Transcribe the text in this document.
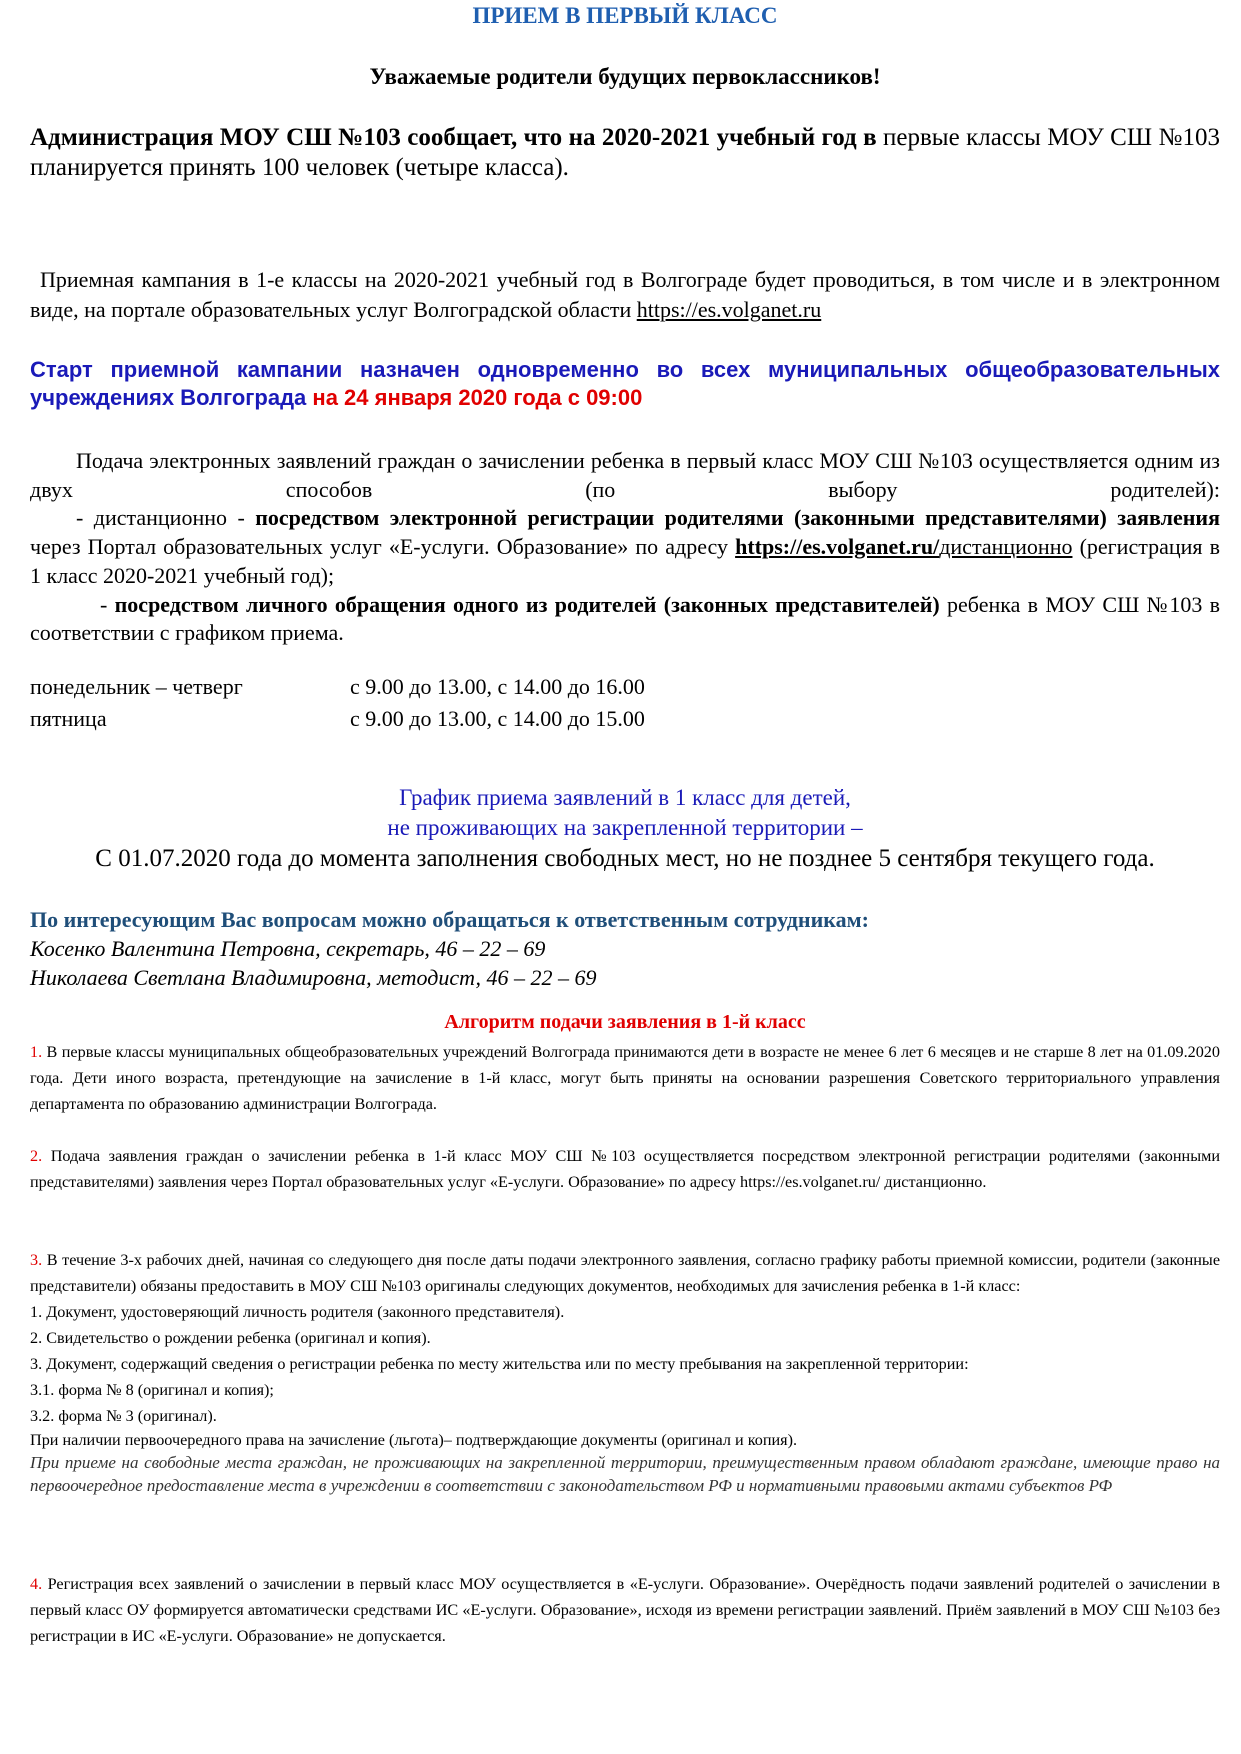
ПРИЕМ В ПЕРВЫЙ КЛАСС
Уважаемые родители будущих первоклассников!
Администрация МОУ СШ №103 сообщает, что на 2020-2021 учебный год в первые классы МОУ СШ №103 планируется принять 100 человек (четыре класса).
Приемная кампания в 1-е классы на 2020-2021 учебный год в Волгограде будет проводиться, в том числе и в электронном виде, на портале образовательных услуг Волгоградской области https://es.volganet.ru
Старт приемной кампании назначен одновременно во всех муниципальных общеобразовательных учреждениях Волгограда на 24 января 2020 года с 09:00
Подача электронных заявлений граждан о зачислении ребенка в первый класс МОУ СШ №103 осуществляется одним из двух способов (по выбору родителей):
- дистанционно - посредством электронной регистрации родителями (законными представителями) заявления через Портал образовательных услуг «Е-услуги. Образование» по адресу https://es.volganet.ru/дистанционно (регистрация в 1 класс 2020-2021 учебный год);
- посредством личного обращения одного из родителей (законных представителей) ребенка в МОУ СШ №103 в соответствии с графиком приема.
понедельник – четверг	с 9.00 до 13.00, с 14.00 до 16.00
пятница	с 9.00 до 13.00, с 14.00 до 15.00
График приема заявлений в 1 класс для детей,
не проживающих на закрепленной территории –
С 01.07.2020 года до момента заполнения свободных мест, но не позднее 5 сентября текущего года.
По интересующим Вас вопросам можно обращаться к ответственным сотрудникам:
Косенко Валентина Петровна, секретарь, 46 – 22 – 69
Николаева Светлана Владимировна, методист, 46 – 22 – 69
Алгоритм подачи заявления в 1-й класс
1. В первые классы муниципальных общеобразовательных учреждений Волгограда принимаются дети в возрасте не менее 6 лет 6 месяцев и не старше 8 лет на 01.09.2020 года. Дети иного возраста, претендующие на зачисление в 1-й класс, могут быть приняты на основании разрешения Советского территориального управления департамента по образованию администрации Волгограда.
2. Подача заявления граждан о зачислении ребенка в 1-й класс МОУ СШ №103 осуществляется посредством электронной регистрации родителями (законными представителями) заявления через Портал образовательных услуг «Е-услуги. Образование» по адресу https://es.volganet.ru/ дистанционно.
3. В течение 3-х рабочих дней, начиная со следующего дня после даты подачи электронного заявления, согласно графику работы приемной комиссии, родители (законные представители) обязаны предоставить в МОУ СШ №103 оригиналы следующих документов, необходимых для зачисления ребенка в 1-й класс:
1. Документ, удостоверяющий личность родителя (законного представителя).
2. Свидетельство о рождении ребенка (оригинал и копия).
3. Документ, содержащий сведения о регистрации ребенка по месту жительства или по месту пребывания на закрепленной территории:
3.1. форма № 8 (оригинал и копия);
3.2. форма № 3 (оригинал).
При наличии первоочередного права на зачисление (льгота)– подтверждающие документы (оригинал и копия).
При приеме на свободные места граждан, не проживающих на закрепленной территории, преимущественным правом обладают граждане, имеющие право на первоочередное предоставление места в учреждении в соответствии с законодательством РФ и нормативными правовыми актами субъектов РФ
4. Регистрация всех заявлений о зачислении в первый класс МОУ осуществляется в «Е-услуги. Образование». Очерёдность подачи заявлений родителей о зачислении в первый класс ОУ формируется автоматически средствами ИС «Е-услуги. Образование», исходя из времени регистрации заявлений. Приём заявлений в МОУ СШ №103 без регистрации в ИС «Е-услуги. Образование» не допускается.
